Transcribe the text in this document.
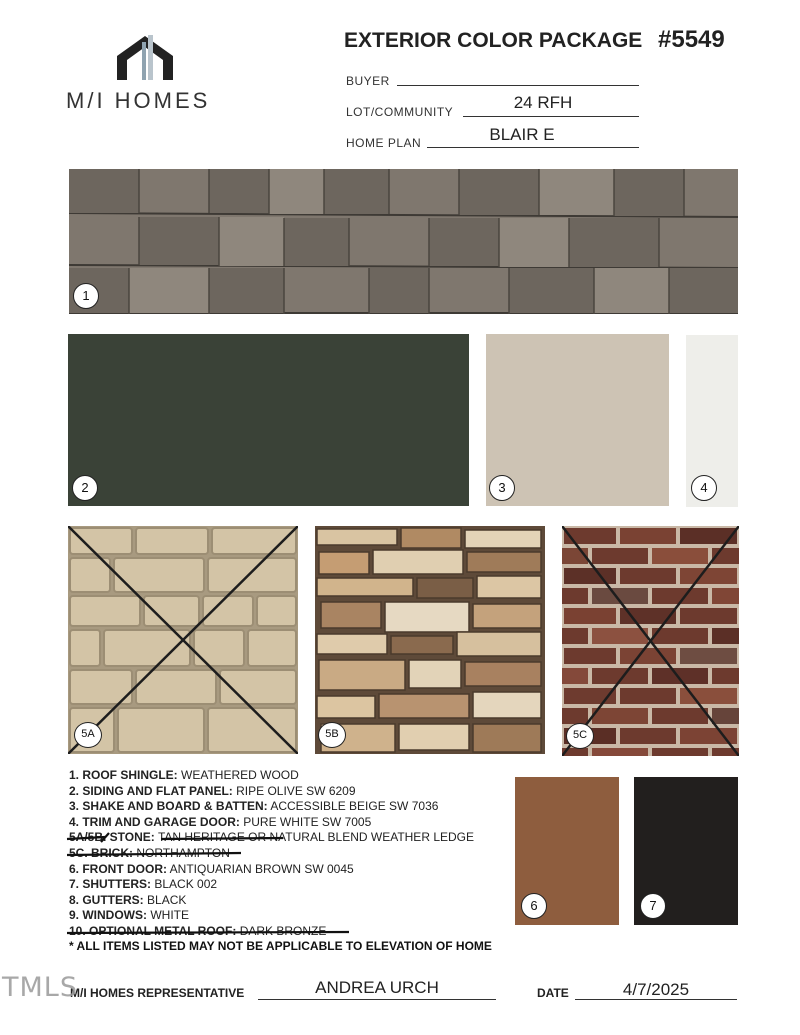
M/I HOMES
EXTERIOR COLOR PACKAGE #5549
BUYER
LOT/COMMUNITY	24 RFH
HOME PLAN	BLAIR E
1
2	3	4
5A	5B	5C
6	7
1. ROOF SHINGLE: WEATHERED WOOD
2. SIDING AND FLAT PANEL: RIPE OLIVE SW 6209
3. SHAKE AND BOARD & BATTEN: ACCESSIBLE BEIGE SW 7036
4. TRIM AND GARAGE DOOR: PURE WHITE SW 7005
5A/5B. STONE: TAN HERITAGE OR NATURAL BLEND WEATHER LEDGE
5C. BRICK: NORTHAMPTON
6. FRONT DOOR: ANTIQUARIAN BROWN SW 0045
7. SHUTTERS: BLACK 002
8. GUTTERS: BLACK
9. WINDOWS: WHITE
10. OPTIONAL METAL ROOF: DARK BRONZE
* ALL ITEMS LISTED MAY NOT BE APPLICABLE TO ELEVATION OF HOME
M/I HOMES REPRESENTATIVE	ANDREA URCH	DATE	4/7/2025
TMLS
